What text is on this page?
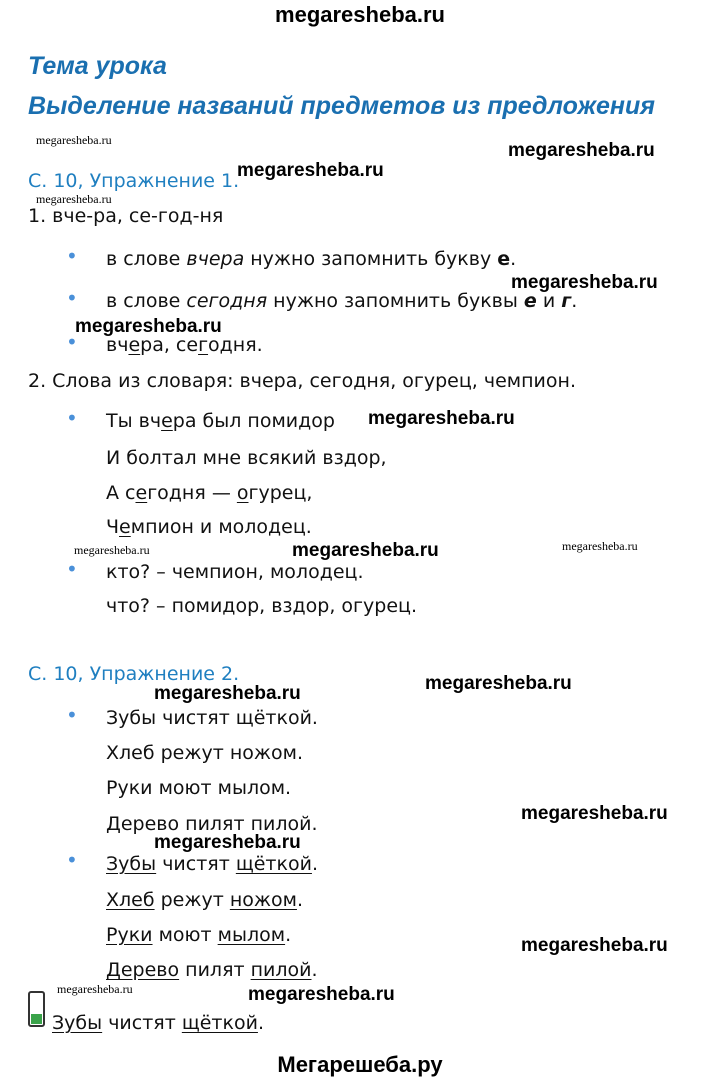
megaresheba.ru
Мегарешеба.ру
Тема урока
Выделение названий предметов из предложения
С. 10, Упражнение 1.
1. вче-ра, се-год-ня
• в слове вчера нужно запомнить букву е.
• в слове сегодня нужно запомнить буквы е и г.
• вчера, сегодня.
2. Слова из словаря: вчера, сегодня, огурец, чемпион.
• Ты вчера был помидор
И болтал мне всякий вздор,
А сегодня — огурец,
Чемпион и молодец.
• кто? – чемпион, молодец.
что? – помидор, вздор, огурец.
С. 10, Упражнение 2.
• Зубы чистят щёткой.
Хлеб режут ножом.
Руки моют мылом.
Дерево пилят пилой.
• Зубы чистят щёткой.
Хлеб режут ножом.
Руки моют мылом.
Дерево пилят пилой.
Зубы чистят щёткой.
megaresheba.ru	megaresheba.ru
megaresheba.ru
megaresheba.ru
megaresheba.ru
megaresheba.ru
megaresheba.ru
megaresheba.ru	megaresheba.ru	megaresheba.ru
megaresheba.ru	megaresheba.ru
megaresheba.ru
megaresheba.ru
megaresheba.ru
megaresheba.ru	megaresheba.ru
